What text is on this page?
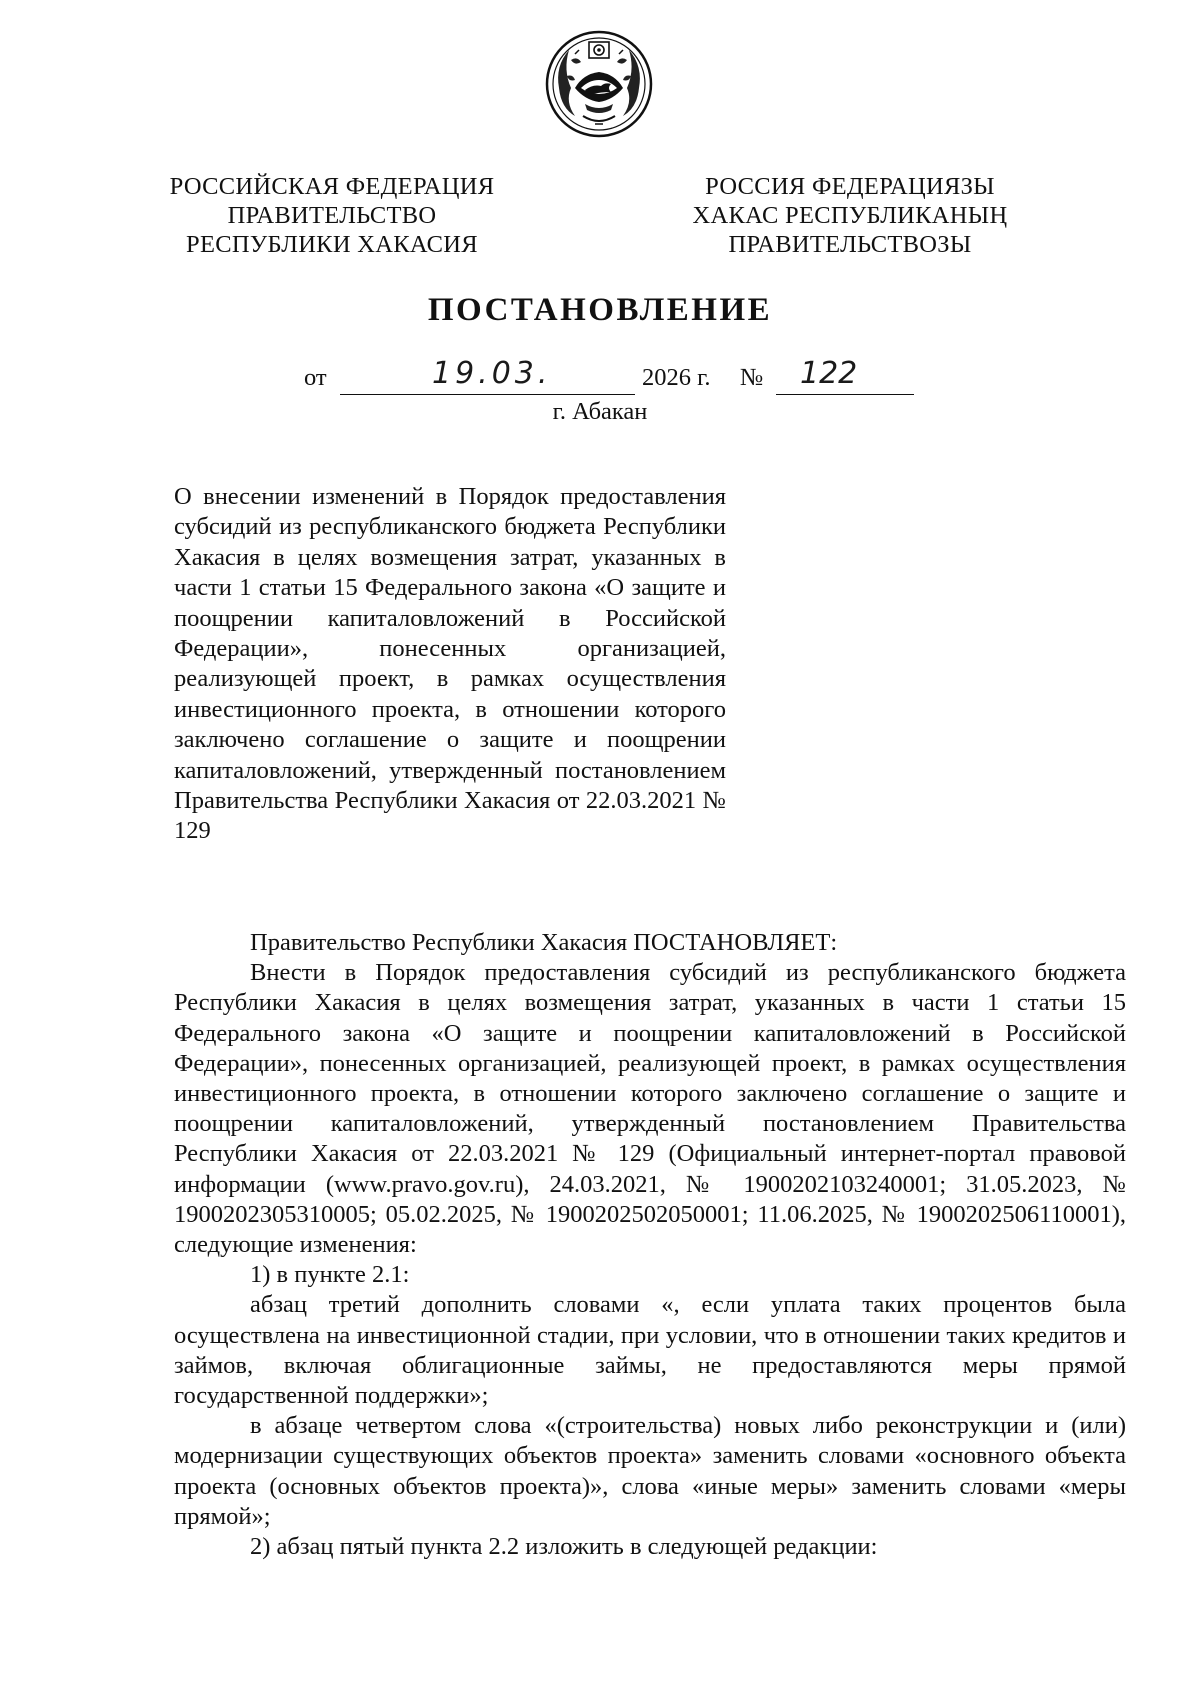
РОССИЙСКАЯ ФЕДЕРАЦИЯ
ПРАВИТЕЛЬСТВО
РЕСПУБЛИКИ ХАКАСИЯ
РОССИЯ ФЕДЕРАЦИЯЗЫ
ХАКАС РЕСПУБЛИКАНЫҢ
ПРАВИТЕЛЬСТВОЗЫ
ПОСТАНОВЛЕНИЕ
от	19.03.	2026 г. № 122
г. Абакан
О внесении изменений в Порядок предоставления субсидий из республиканского бюджета Республики Хакасия в целях возмещения затрат, указанных в части 1 статьи 15 Федерального закона «О защите и поощрении капиталовложений в Российской Федерации», понесенных организацией, реализующей проект, в рамках осуществления инвестиционного проекта, в отношении которого заключено соглашение о защите и поощрении капиталовложений, утвержденный постановлением Правительства Республики Хакасия от 22.03.2021 № 129

Правительство Республики Хакасия ПОСТАНОВЛЯЕТ:

Внести в Порядок предоставления субсидий из республиканского бюджета Республики Хакасия в целях возмещения затрат, указанных в части 1 статьи 15 Федерального закона «О защите и поощрении капиталовложений в Российской Федерации», понесенных организацией, реализующей проект, в рамках осуществления инвестиционного проекта, в отношении которого заключено соглашение о защите и поощрении капиталовложений, утвержденный постановлением Правительства Республики Хакасия от 22.03.2021 № 129 (Официальный интернет-портал правовой информации (www.pravo.gov.ru), 24.03.2021, № 1900202103240001; 31.05.2023, № 1900202305310005; 05.02.2025, № 1900202502050001; 11.06.2025, № 1900202506110001), следующие изменения:

1) в пункте 2.1:

абзац третий дополнить словами «, если уплата таких процентов была осуществлена на инвестиционной стадии, при условии, что в отношении таких кредитов и займов, включая облигационные займы, не предоставляются меры прямой государственной поддержки»;

в абзаце четвертом слова «(строительства) новых либо реконструкции и (или) модернизации существующих объектов проекта» заменить словами «основного объекта проекта (основных объектов проекта)», слова «иные меры» заменить словами «меры прямой»;

2) абзац пятый пункта 2.2 изложить в следующей редакции:
